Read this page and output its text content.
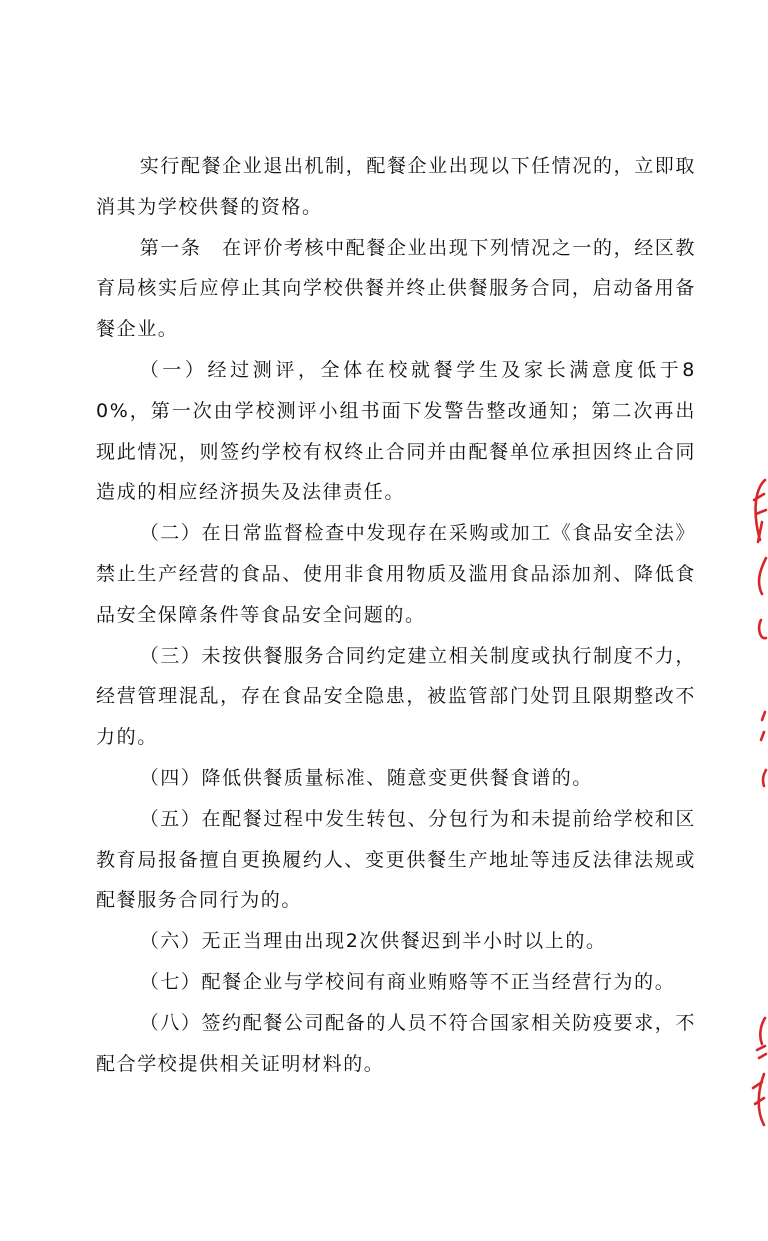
实行配餐企业退出机制，配餐企业出现以下任情况的，立即取消其为学校供餐的资格。

第一条　在评价考核中配餐企业出现下列情况之一的，经区教育局核实后应停止其向学校供餐并终止供餐服务合同，启动备用备餐企业。

（一）经过测评，全体在校就餐学生及家长满意度低于80%，第一次由学校测评小组书面下发警告整改通知；第二次再出现此情况，则签约学校有权终止合同并由配餐单位承担因终止合同造成的相应经济损失及法律责任。

（二）在日常监督检查中发现存在采购或加工《食品安全法》禁止生产经营的食品、使用非食用物质及滥用食品添加剂、降低食品安全保障条件等食品安全问题的。

（三）未按供餐服务合同约定建立相关制度或执行制度不力，经营管理混乱，存在食品安全隐患，被监管部门处罚且限期整改不力的。

（四）降低供餐质量标准、随意变更供餐食谱的。

（五）在配餐过程中发生转包、分包行为和未提前给学校和区教育局报备擅自更换履约人、变更供餐生产地址等违反法律法规或配餐服务合同行为的。

（六）无正当理由出现2次供餐迟到半小时以上的。

（七）配餐企业与学校间有商业贿赂等不正当经营行为的。

（八）签约配餐公司配备的人员不符合国家相关防疫要求，不配合学校提供相关证明材料的。
